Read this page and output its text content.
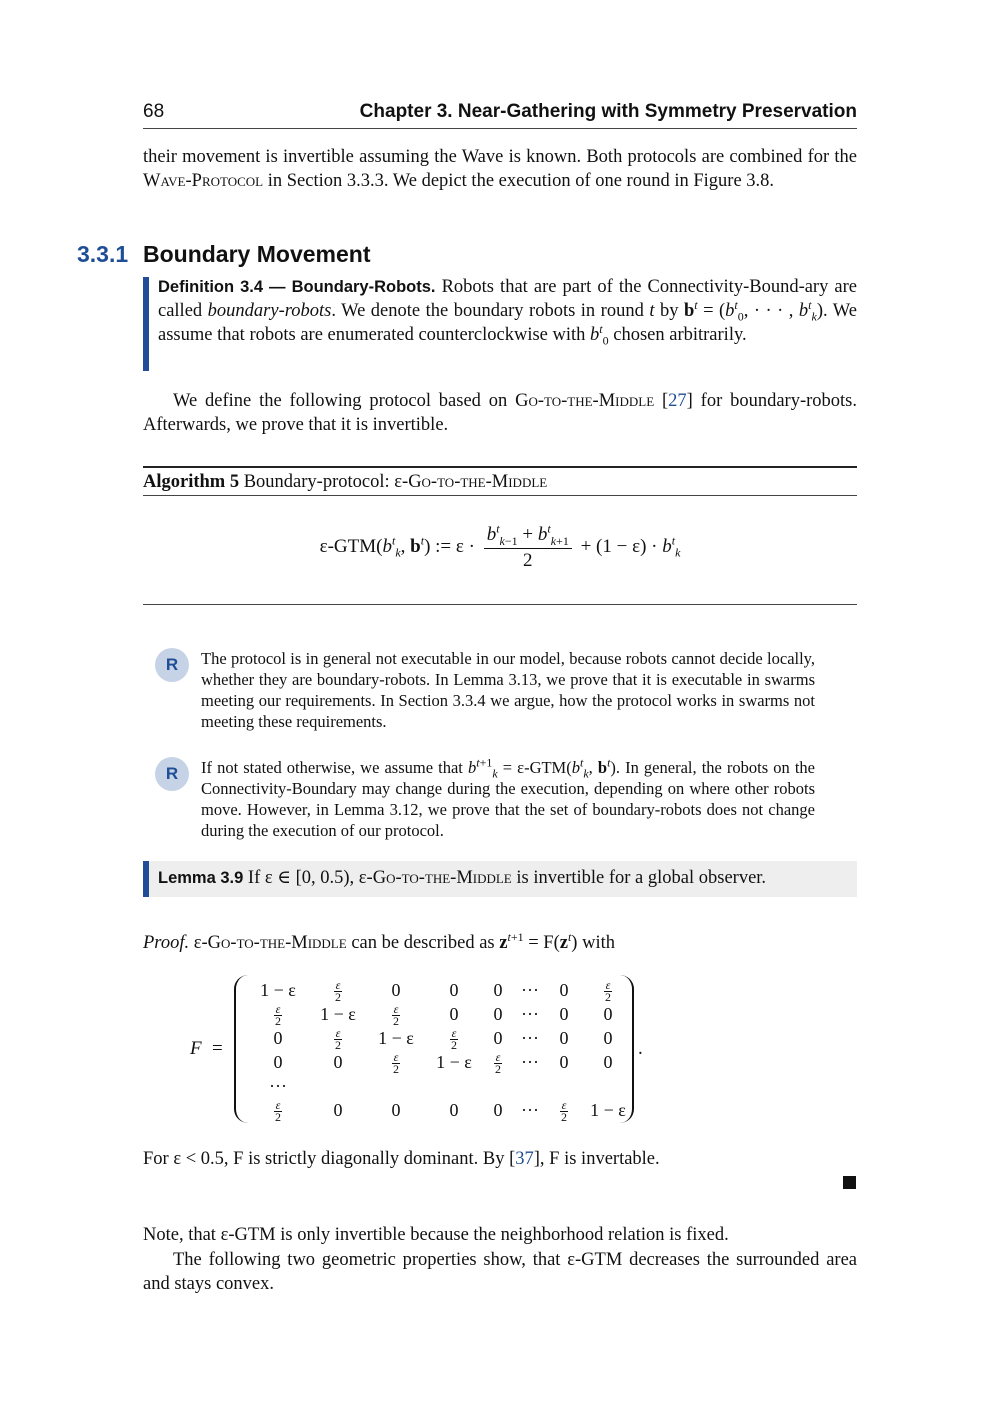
68	Chapter 3. Near-Gathering with Symmetry Preservation
their movement is invertible assuming the Wave is known. Both protocols are combined for the Wave-Protocol in Section 3.3.3. We depict the execution of one round in Figure 3.8.
3.3.1 Boundary Movement
Definition 3.4 — Boundary-Robots. Robots that are part of the Connectivity-Bound-ary are called boundary-robots. We denote the boundary robots in round t by $b^t = (b^t_0$, · · · , $b^t_k$). We assume that robots are enumerated counterclockwise with $b^t_0$ chosen arbitrarily.
We define the following protocol based on Go-to-the-Middle [27] for boundary-robots. Afterwards, we prove that it is invertible.
Algorithm 5 Boundary-protocol: ε-Go-to-the-Middle
$\varepsilon-GTM(b^t_k$, $b^t$) := $\varepsilon \cdot \frac{b^t_{k-1} + b^t_{k+1}}{2} + (1 - \varepsilon) \cdot b^t_k$
R	The protocol is in general not executable in our model, because robots cannot decide locally, whether they are boundary-robots. In Lemma 3.13, we prove that it is executable in swarms meeting our requirements. In Section 3.3.4 we argue, how the protocol works in swarms not meeting these requirements.
R	If not stated otherwise, we assume that $b^{t+1}_k = \varepsilon-GTM(b^t_k$, $b^t$). In general, the robots on the Connectivity-Boundary may change during the execution, depending on where other robots move. However, in Lemma 3.12, we prove that the set of boundary-robots does not change during the execution of our protocol.
Lemma 3.9 If ε ∈ [0, 0.5), ε-Go-to-the-Middle is invertible for a global observer.
Proof. ε-Go-to-the-Middle can be described as $z^{t+1} = F(z^t)$ with
F =
1 − ε	$\frac{\varepsilon}{2}$	0	0	0	···	0	$\frac{\varepsilon}{2}$
$\frac{\varepsilon}{2}$	1 − ε	$\frac{\varepsilon}{2}$	0	0	···	0	0
0	$\frac{\varepsilon}{2}$	1 − ε	$\frac{\varepsilon}{2}$	0	···	0	0
0	0	$\frac{\varepsilon}{2}$	1 − ε	$\frac{\varepsilon}{2}$	···	0	0
···
$\frac{\varepsilon}{2}$	0	0	0	0	···	$\frac{\varepsilon}{2}$	1 − ε
.
For ε < 0.5, F is strictly diagonally dominant. By [37], F is invertable.
Note, that ε-GTM is only invertible because the neighborhood relation is fixed.
The following two geometric properties show, that ε-GTM decreases the surrounded area and stays convex.
